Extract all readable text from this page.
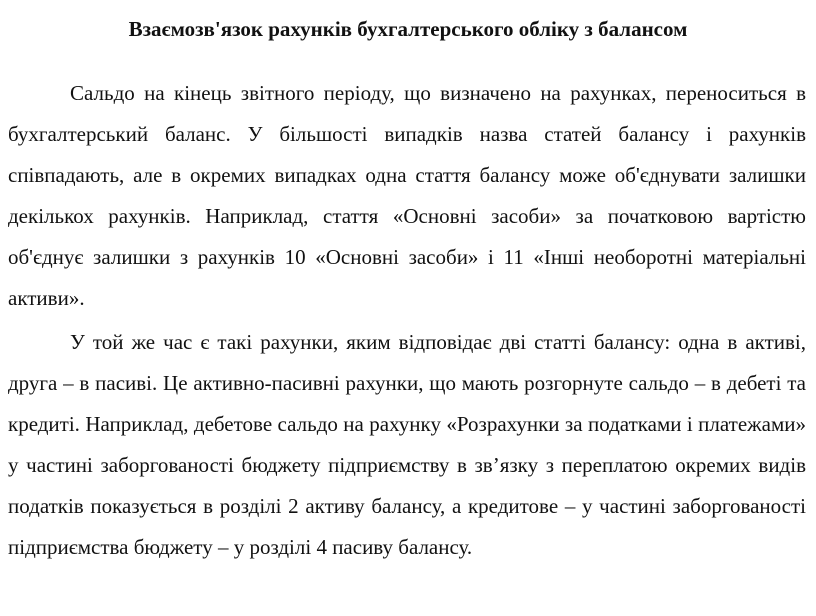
Взаємозв'язок рахунків бухгалтерського обліку з балансом

Сальдо на кінець звітного періоду, що визначено на рахунках, переноситься в бухгалтерський баланс. У більшості випадків назва статей балансу і рахунків співпадають, але в окремих випадках одна стаття балансу може об'єднувати залишки декількох рахунків. Наприклад, стаття «Основні засоби» за початковою вартістю об'єднує залишки з рахунків 10 «Основні засоби» і 11 «Інші необоротні матеріальні активи».

У той же час є такі рахунки, яким відповідає дві статті балансу: одна в активі, друга – в пасиві. Це активно-пасивні рахунки, що мають розгорнуте сальдо – в дебеті та кредиті. Наприклад, дебетове сальдо на рахунку «Розрахунки за податками і платежами» у частині заборгованості бюджету підприємству в зв’язку з переплатою окремих видів податків показується в розділі 2 активу балансу, а кредитове – у частині заборгованості підприємства бюджету – у розділі 4 пасиву балансу.
